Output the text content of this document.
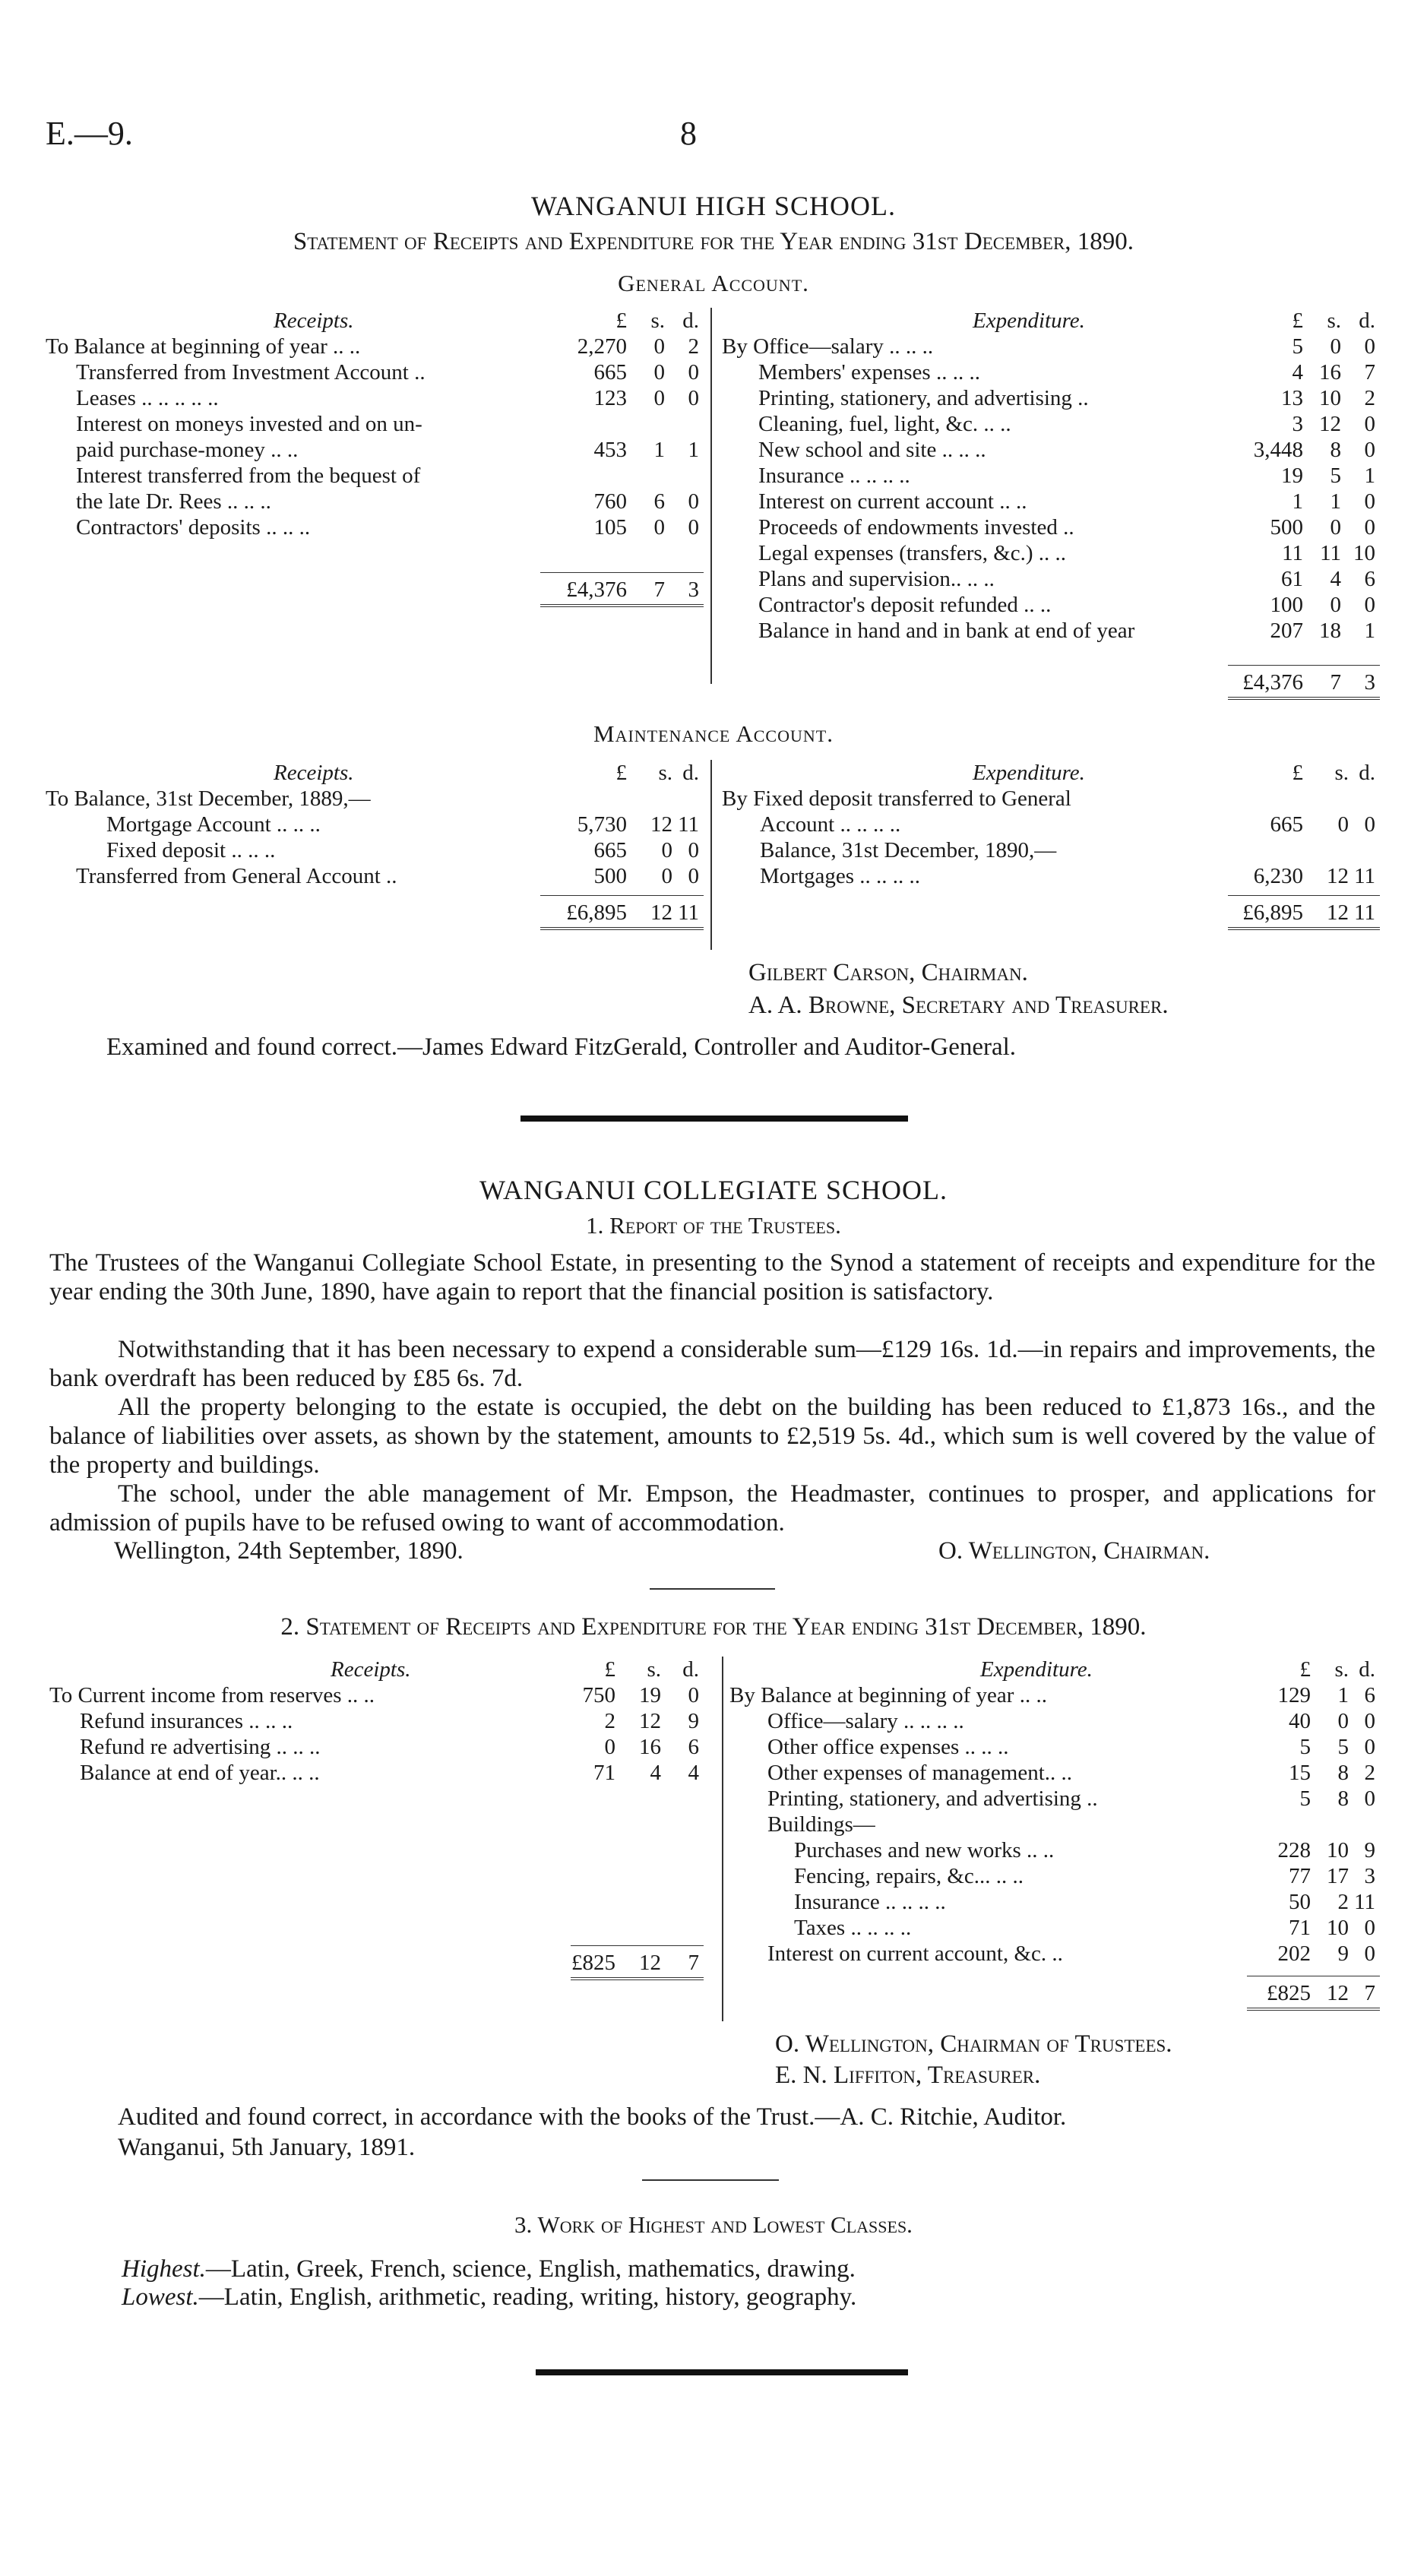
E.—9.	8
WANGANUI HIGH SCHOOL.
Statement of Receipts and Expenditure for the Year ending 31st December, 1890.
General Account.
Receipts.	£ s. d.
To Balance at beginning of year .. ..	2,270 0 2
Transferred from Investment Account ..	665 0 0
Leases .. .. .. .. ..	123 0 0
Interest on moneys invested and on un-
paid purchase-money .. ..	453 1 1
Interest transferred from the bequest of
the late Dr. Rees .. .. ..	760 6 0
Contractors' deposits .. .. ..	105 0 0
£4,376 7 3
Expenditure.	£ s. d.
By Office—salary .. .. ..	5 0 0
Members' expenses .. .. ..	4 16 7
Printing, stationery, and advertising ..	13 10 2
Cleaning, fuel, light, &c. .. ..	3 12 0
New school and site .. .. ..	3,448 8 0
Insurance .. .. .. ..	19 5 1
Interest on current account .. ..	1 1 0
Proceeds of endowments invested ..	500 0 0
Legal expenses (transfers, &c.) .. ..	11 11 10
Plans and supervision.. .. ..	61 4 6
Contractor's deposit refunded .. ..	100 0 0
Balance in hand and in bank at end of year	207 18 1
£4,376 7 3
Maintenance Account.
Receipts.	£ s. d.
To Balance, 31st December, 1889,—
Mortgage Account .. .. ..	5,730 12 11
Fixed deposit .. .. ..	665 0 0
Transferred from General Account ..	500 0 0
£6,895 12 11
Expenditure.	£ s. d.
By Fixed deposit transferred to General
Account .. .. .. ..	665 0 0
Balance, 31st December, 1890,—
Mortgages .. .. .. ..	6,230 12 11
£6,895 12 11
Gilbert Carson, Chairman.
A. A. Browne, Secretary and Treasurer.
Examined and found correct.—James Edward FitzGerald, Controller and Auditor-General.
WANGANUI COLLEGIATE SCHOOL.
1. Report of the Trustees.
The Trustees of the Wanganui Collegiate School Estate, in presenting to the Synod a statement of receipts and expenditure for the year ending the 30th June, 1890, have again to report that the financial position is satisfactory.
Notwithstanding that it has been necessary to expend a considerable sum—£129 16s. 1d.—in repairs and improvements, the bank overdraft has been reduced by £85 6s. 7d.
All the property belonging to the estate is occupied, the debt on the building has been reduced to £1,873 16s., and the balance of liabilities over assets, as shown by the statement, amounts to £2,519 5s. 4d., which sum is well covered by the value of the property and buildings.
The school, under the able management of Mr. Empson, the Headmaster, continues to prosper, and applications for admission of pupils have to be refused owing to want of accommodation.
Wellington, 24th September, 1890.	O. Wellington, Chairman.
2. Statement of Receipts and Expenditure for the Year ending 31st December, 1890.
Receipts.	£ s. d.
To Current income from reserves .. ..	750 19 0
Refund insurances .. .. ..	2 12 9
Refund re advertising .. .. ..	0 16 6
Balance at end of year.. .. ..	71 4 4
£825 12 7
Expenditure.	£ s. d.
By Balance at beginning of year .. ..	129 1 6
Office—salary .. .. .. ..	40 0 0
Other office expenses .. .. ..	5 5 0
Other expenses of management.. ..	15 8 2
Printing, stationery, and advertising ..	5 8 0
Buildings—
Purchases and new works .. ..	228 10 9
Fencing, repairs, &c... .. ..	77 17 3
Insurance .. .. .. ..	50 2 11
Taxes .. .. .. ..	71 10 0
Interest on current account, &c. ..	202 9 0
£825 12 7
O. Wellington, Chairman of Trustees.
E. N. Liffiton, Treasurer.
Audited and found correct, in accordance with the books of the Trust.—A. C. Ritchie, Auditor.
Wanganui, 5th January, 1891.
3. Work of Highest and Lowest Classes.
Highest.—Latin, Greek, French, science, English, mathematics, drawing.
Lowest.—Latin, English, arithmetic, reading, writing, history, geography.
